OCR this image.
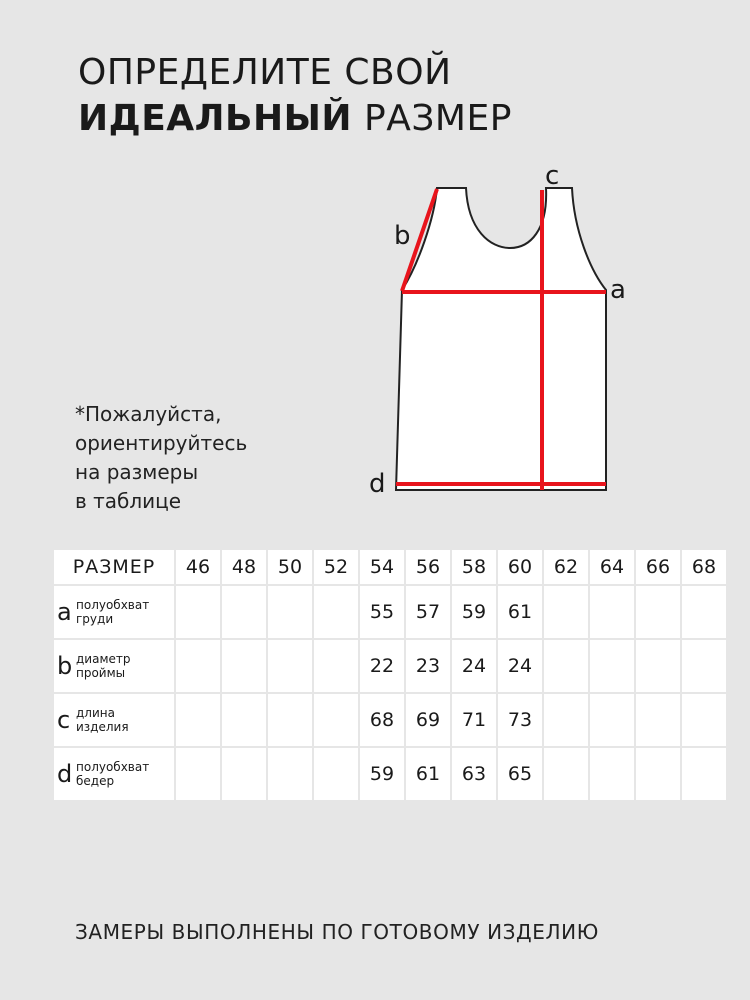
ОПРЕДЕЛИТЕ СВОЙ
ИДЕАЛЬНЫЙ РАЗМЕР
c
b
a
d
*Пожалуйста,
ориентируйтесь
на размеры
в таблице
РАЗМЕР	46	48	50	52	54	56	58	60	62	64	66	68

a полуобхват
груди					55	57	59	61				

b диаметр
проймы					22	23	24	24				

c длина
изделия					68	69	71	73				

d полуобхват
бедер					59	61	63	65				
ЗАМЕРЫ ВЫПОЛНЕНЫ ПО ГОТОВОМУ ИЗДЕЛИЮ
